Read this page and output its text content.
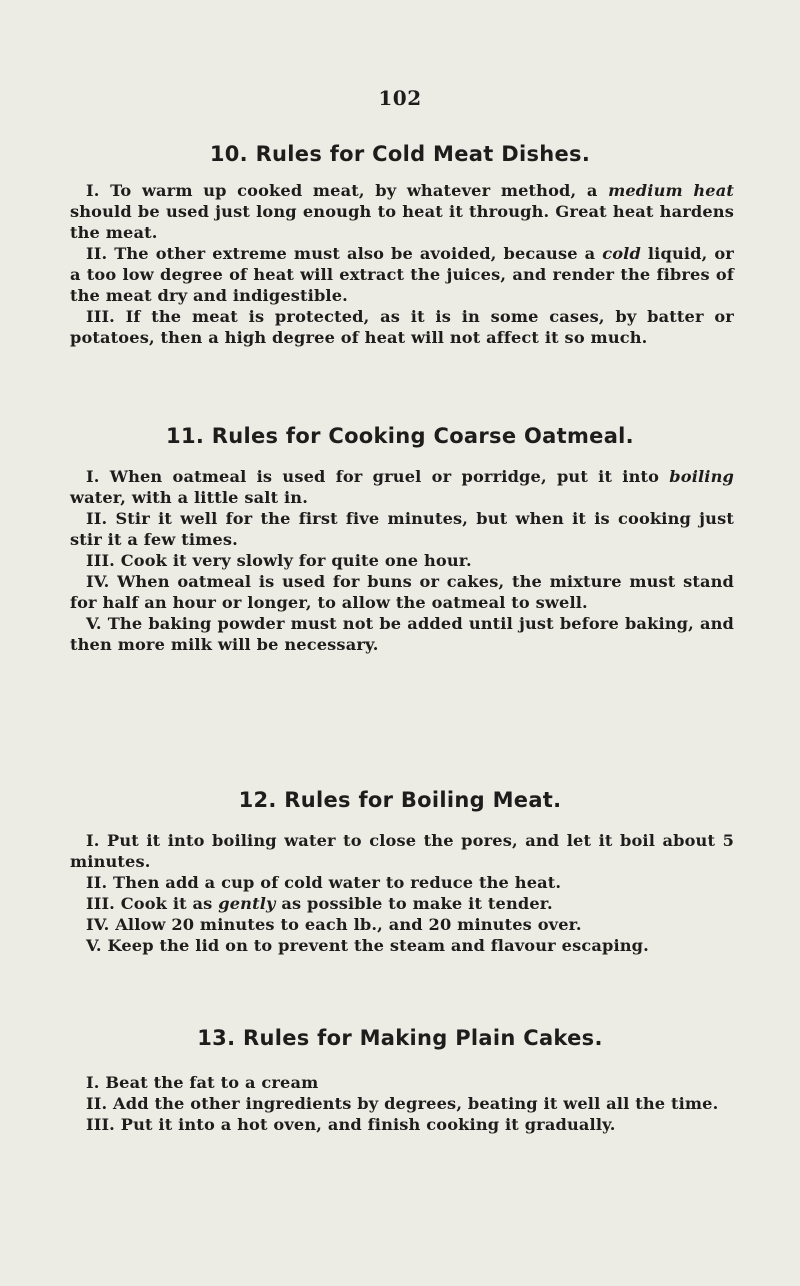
102
10. Rules for Cold Meat Dishes.

I. To warm up cooked meat, by whatever method, a medium heat should be used just long enough to heat it through. Great heat hardens the meat.

II. The other extreme must also be avoided, because a cold liquid, or a too low degree of heat will extract the juices, and render the fibres of the meat dry and indigestible.

III. If the meat is protected, as it is in some cases, by batter or potatoes, then a high degree of heat will not affect it so much.

11. Rules for Cooking Coarse Oatmeal.

I. When oatmeal is used for gruel or porridge, put it into boiling water, with a little salt in.

II. Stir it well for the first five minutes, but when it is cooking just stir it a few times.

III. Cook it very slowly for quite one hour.

IV. When oatmeal is used for buns or cakes, the mixture must stand for half an hour or longer, to allow the oatmeal to swell.

V. The baking powder must not be added until just before baking, and then more milk will be necessary.

12. Rules for Boiling Meat.

I. Put it into boiling water to close the pores, and let it boil about 5 minutes.

II. Then add a cup of cold water to reduce the heat.

III. Cook it as gently as possible to make it tender.

IV. Allow 20 minutes to each lb., and 20 minutes over.

V. Keep the lid on to prevent the steam and flavour escaping.

13. Rules for Making Plain Cakes.

I. Beat the fat to a cream

II. Add the other ingredients by degrees, beating it well all the time.

III. Put it into a hot oven, and finish cooking it gradually.
